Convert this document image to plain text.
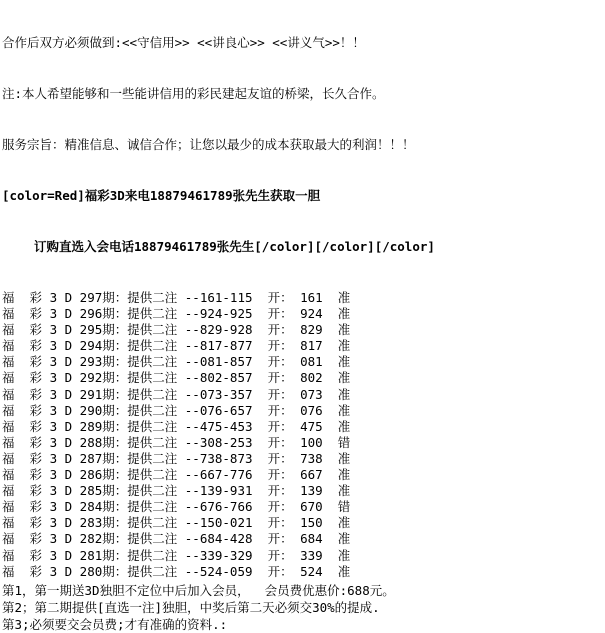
合作后双方必须做到:<<守信用>> <<讲良心>> <<讲义气>>！！

注:本人希望能够和一些能讲信用的彩民建起友谊的桥梁，长久合作。

服务宗旨：精准信息、诚信合作；让您以最少的成本获取最大的利润！！！

[color=Red]福彩3D来电18879461789张先生获取一胆

订购直选入会电话18879461789张先生[/color][/color][/color]

福  彩 3 D 297期：提供二注 --161-115  开： 161  准
福  彩 3 D 296期：提供二注 --924-925  开： 924  准
福  彩 3 D 295期：提供二注 --829-928  开： 829  准
福  彩 3 D 294期：提供二注 --817-877  开： 817  准
福  彩 3 D 293期：提供二注 --081-857  开： 081  准
福  彩 3 D 292期：提供二注 --802-857  开： 802  准
福  彩 3 D 291期：提供二注 --073-357  开： 073  准
福  彩 3 D 290期：提供二注 --076-657  开： 076  准
福  彩 3 D 289期：提供二注 --475-453  开： 475  准
福  彩 3 D 288期：提供二注 --308-253  开： 100  错
福  彩 3 D 287期：提供二注 --738-873  开： 738  准
福  彩 3 D 286期：提供二注 --667-776  开： 667  准
福  彩 3 D 285期：提供二注 --139-931  开： 139  准
福  彩 3 D 284期：提供二注 --676-766  开： 670  错
福  彩 3 D 283期：提供二注 --150-021  开： 150  准
福  彩 3 D 282期：提供二注 --684-428  开： 684  准
福  彩 3 D 281期：提供二注 --339-329  开： 339  准
福  彩 3 D 280期：提供二注 --524-059  开： 524  准
第1，第一期送3D独胆不定位中后加入会员，  会员费优惠价:688元。
第2；第二期提供[直选一注]独胆，中奖后第二天必须交30%的提成.
第3;必须要交会员费;才有准确的资料.:
